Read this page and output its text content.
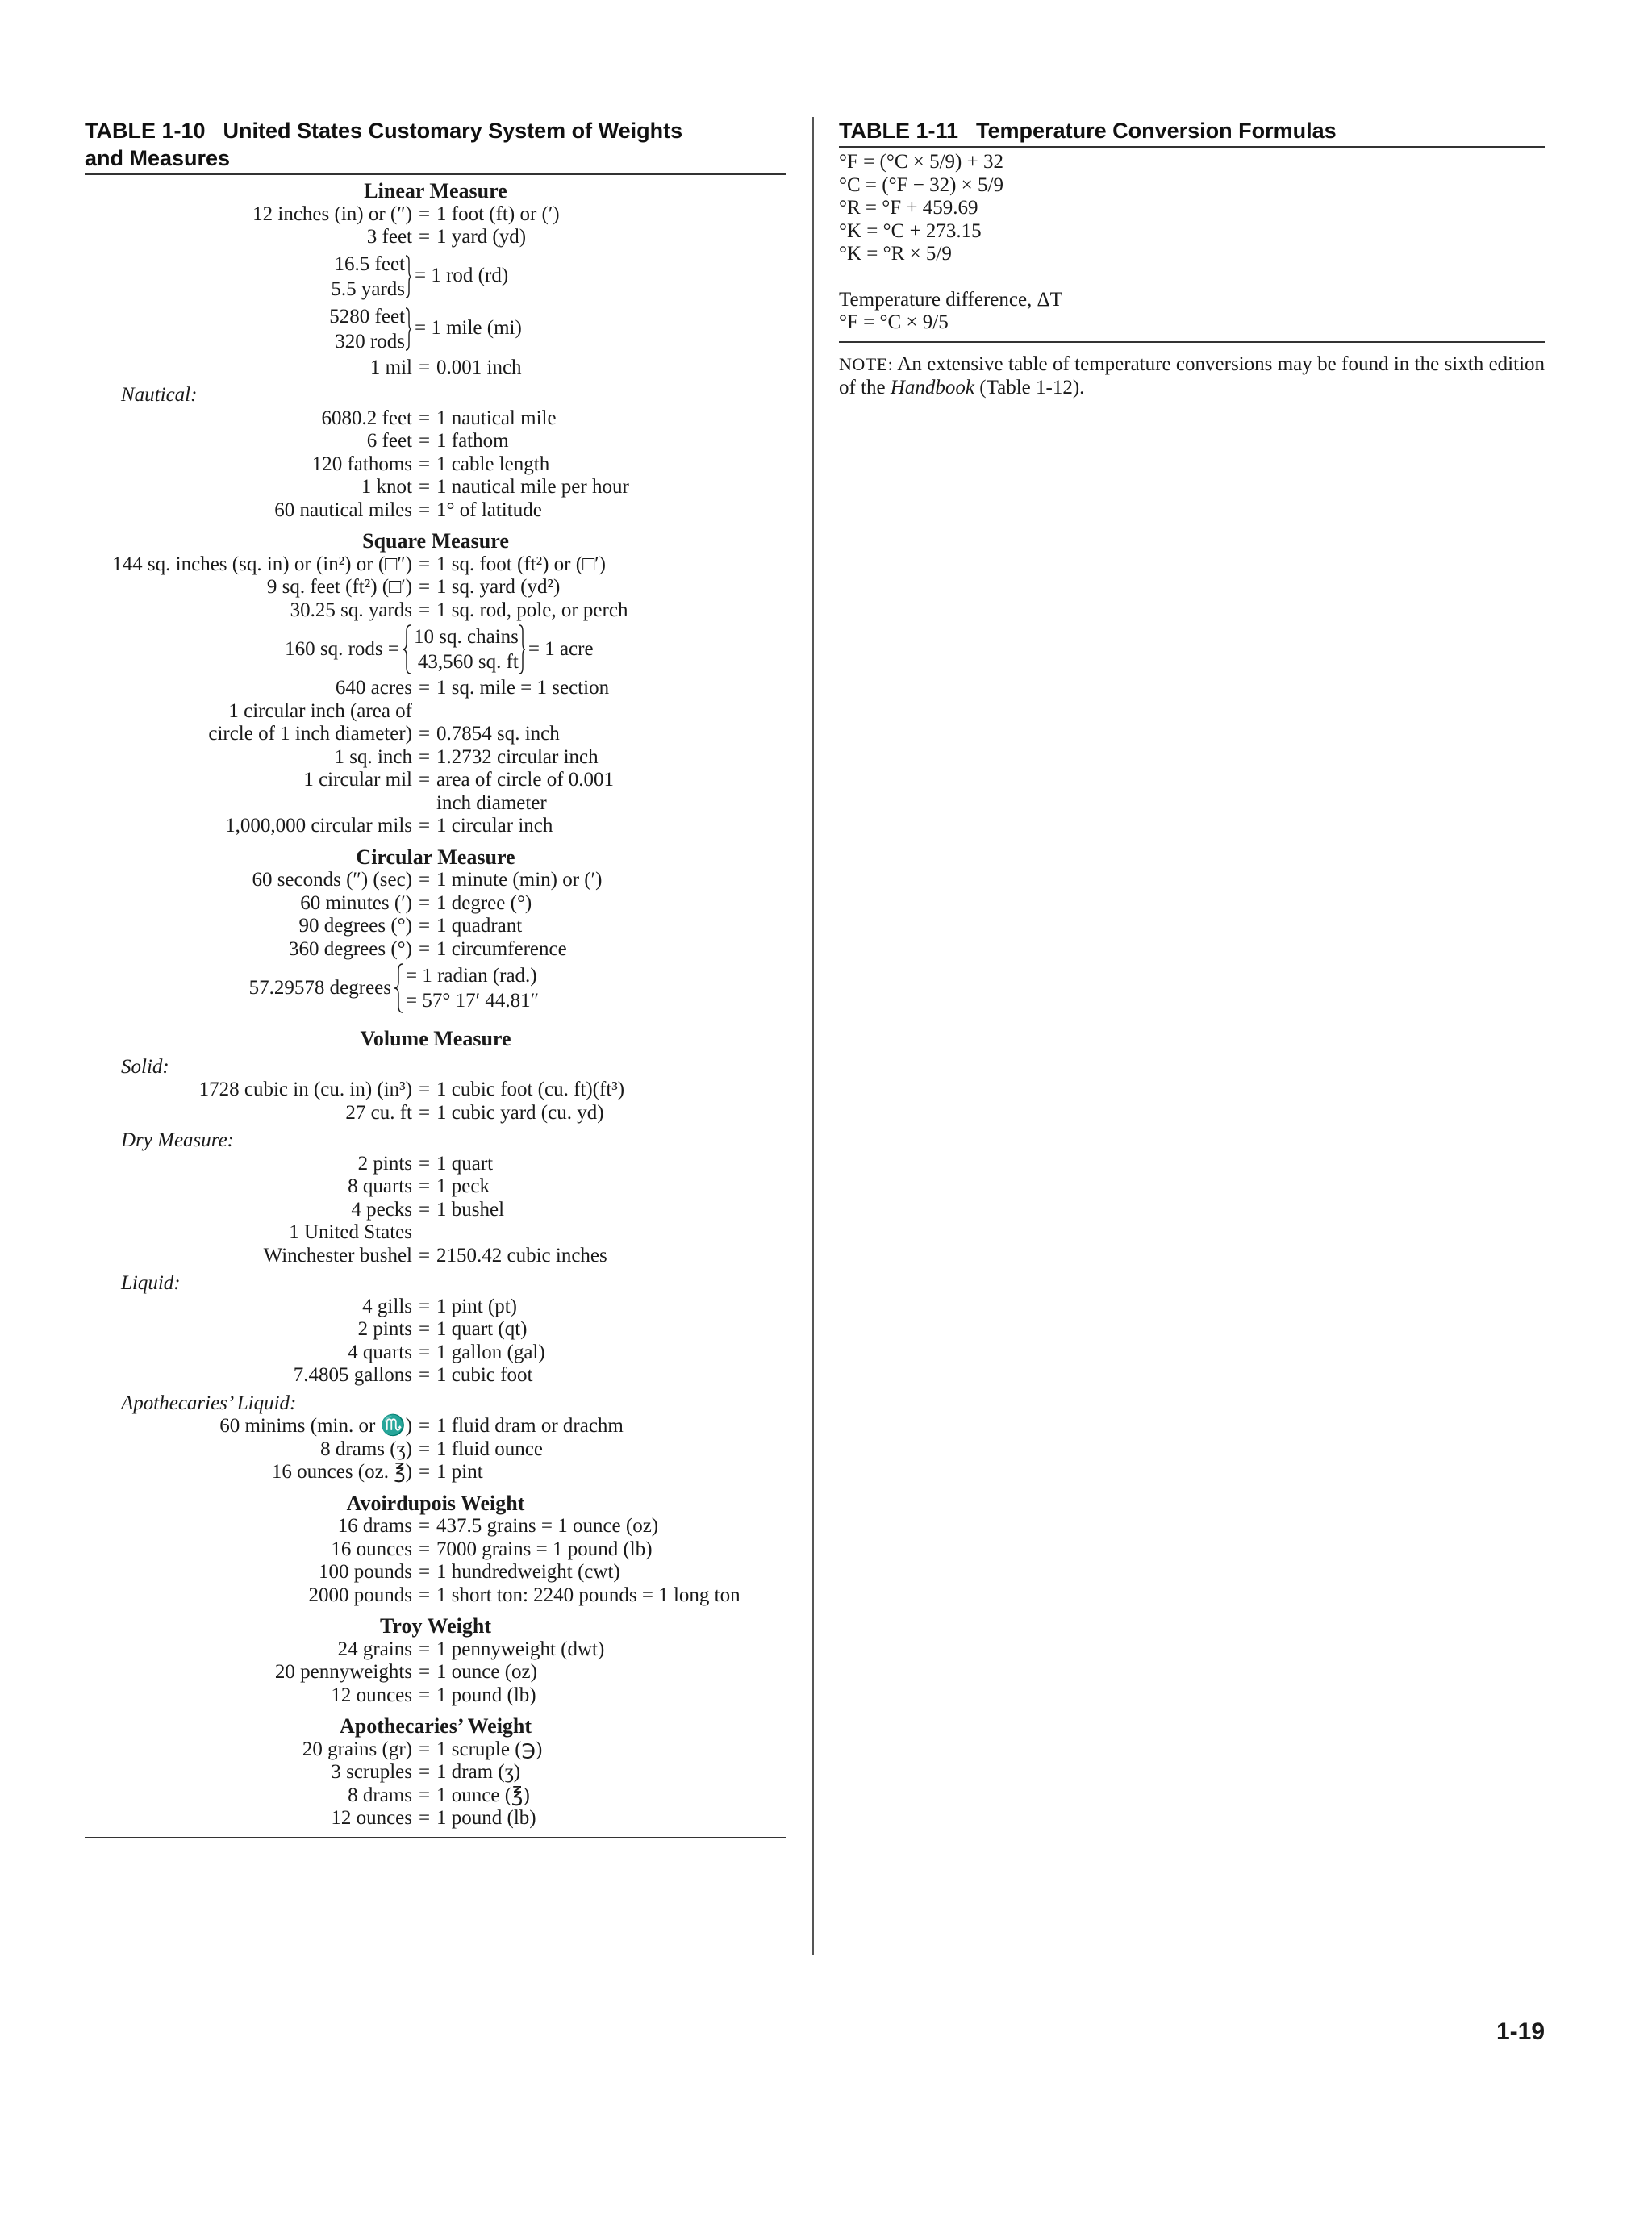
TABLE 1-10 United States Customary System of Weights
and Measures
Linear Measure
12 inches (in) or (″) = 1 foot (ft) or (′)
3 feet = 1 yard (yd)
16.5 feet
5.5 yards
= 1 rod (rd)
5280 feet
320 rods
= 1 mile (mi)
1 mil = 0.001 inch
Nautical:
6080.2 feet = 1 nautical mile
6 feet = 1 fathom
120 fathoms = 1 cable length
1 knot = 1 nautical mile per hour
60 nautical miles = 1° of latitude
Square Measure
144 sq. inches (sq. in) or (in²) or (□″) = 1 sq. foot (ft²) or (□′)
9 sq. feet (ft²) (□′) = 1 sq. yard (yd²)
30.25 sq. yards = 1 sq. rod, pole, or perch
160 sq. rods =
10 sq. chains
43,560 sq. ft
= 1 acre
640 acres = 1 sq. mile = 1 section
1 circular inch (area of
circle of 1 inch diameter) = 0.7854 sq. inch
1 sq. inch = 1.2732 circular inch
1 circular mil = area of circle of 0.001
inch diameter
1,000,000 circular mils = 1 circular inch
Circular Measure
60 seconds (″) (sec) = 1 minute (min) or (′)
60 minutes (′) = 1 degree (°)
90 degrees (°) = 1 quadrant
360 degrees (°) = 1 circumference
57.29578 degrees
= 1 radian (rad.)
= 57° 17′ 44.81″
Volume Measure
Solid:
1728 cubic in (cu. in) (in³) = 1 cubic foot (cu. ft)(ft³)
27 cu. ft = 1 cubic yard (cu. yd)
Dry Measure:
2 pints = 1 quart
8 quarts = 1 peck
4 pecks = 1 bushel
1 United States
Winchester bushel = 2150.42 cubic inches
Liquid:
4 gills = 1 pint (pt)
2 pints = 1 quart (qt)
4 quarts = 1 gallon (gal)
7.4805 gallons = 1 cubic foot
Apothecaries’ Liquid:
60 minims (min. or ♏) = 1 fluid dram or drachm
8 drams (ʒ) = 1 fluid ounce
16 ounces (oz. ℥) = 1 pint
Avoirdupois Weight
16 drams = 437.5 grains = 1 ounce (oz)
16 ounces = 7000 grains = 1 pound (lb)
100 pounds = 1 hundredweight (cwt)
2000 pounds = 1 short ton: 2240 pounds = 1 long ton
Troy Weight
24 grains = 1 pennyweight (dwt)
20 pennyweights = 1 ounce (oz)
12 ounces = 1 pound (lb)
Apothecaries’ Weight
20 grains (gr) = 1 scruple (℈)
3 scruples = 1 dram (ʒ)
8 drams = 1 ounce (℥)
12 ounces = 1 pound (lb)
TABLE 1-11 Temperature Conversion Formulas
°F = (°C × 5/9) + 32
°C = (°F − 32) × 5/9
°R = °F + 459.69
°K = °C + 273.15
°K = °R × 5/9
Temperature difference, ΔT
°F = °C × 9/5
NOTE: An extensive table of temperature conversions may be found in the sixth edition of the Handbook (Table 1-12).
1-19
